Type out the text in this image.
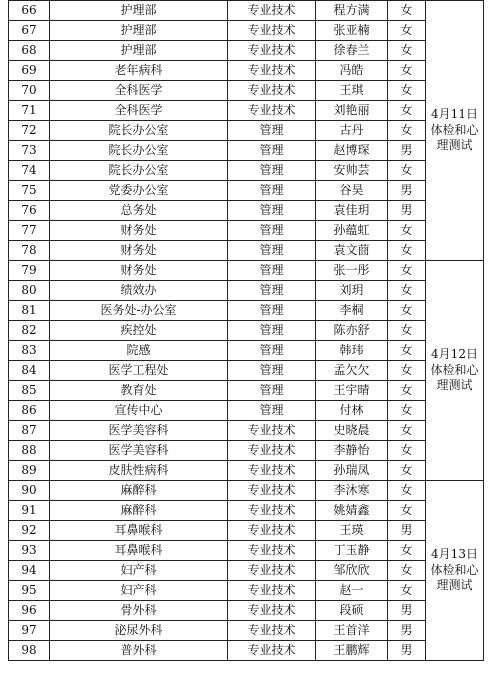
66	护理部	专业技术	程方满	女	4月11日体检和心理测试
67	护理部	专业技术	张亚楠	女	
68	护理部	专业技术	徐春兰	女	
69	老年病科	专业技术	冯皓	女	
70	全科医学	专业技术	王琪	女	
71	全科医学	专业技术	刘艳丽	女	
72	院长办公室	管理	古丹	女	
73	院长办公室	管理	赵博琛	男	
74	院长办公室	管理	安帅芸	女	
75	党委办公室	管理	谷昊	男	
76	总务处	管理	袁佳玥	男	
77	财务处	管理	孙蕴虹	女	
78	财务处	管理	袁文莔	女	
79	财务处	管理	张一彤	女	4月12日体检和心理测试
80	绩效办	管理	刘玥	女	
81	医务处-办公室	管理	李桐	女	
82	疾控处	管理	陈亦舒	女	
83	院感	管理	韩玮	女	
84	医学工程处	管理	孟欠欠	女	
85	教育处	管理	王宇晴	女	
86	宣传中心	管理	付林	女	
87	医学美容科	专业技术	史晓晨	女	
88	医学美容科	专业技术	李静怡	女	
89	皮肤性病科	专业技术	孙瑞凤	女	
90	麻醉科	专业技术	李沐寒	女	4月13日体检和心理测试
91	麻醉科	专业技术	姚婧鑫	女	
92	耳鼻喉科	专业技术	王瑛	男	
93	耳鼻喉科	专业技术	丁玉静	女	
94	妇产科	专业技术	邹欣欣	女	
95	妇产科	专业技术	赵一	女	
96	骨外科	专业技术	段硕	男	
97	泌尿外科	专业技术	王首洋	男	
98	普外科	专业技术	王鹏辉	男	
